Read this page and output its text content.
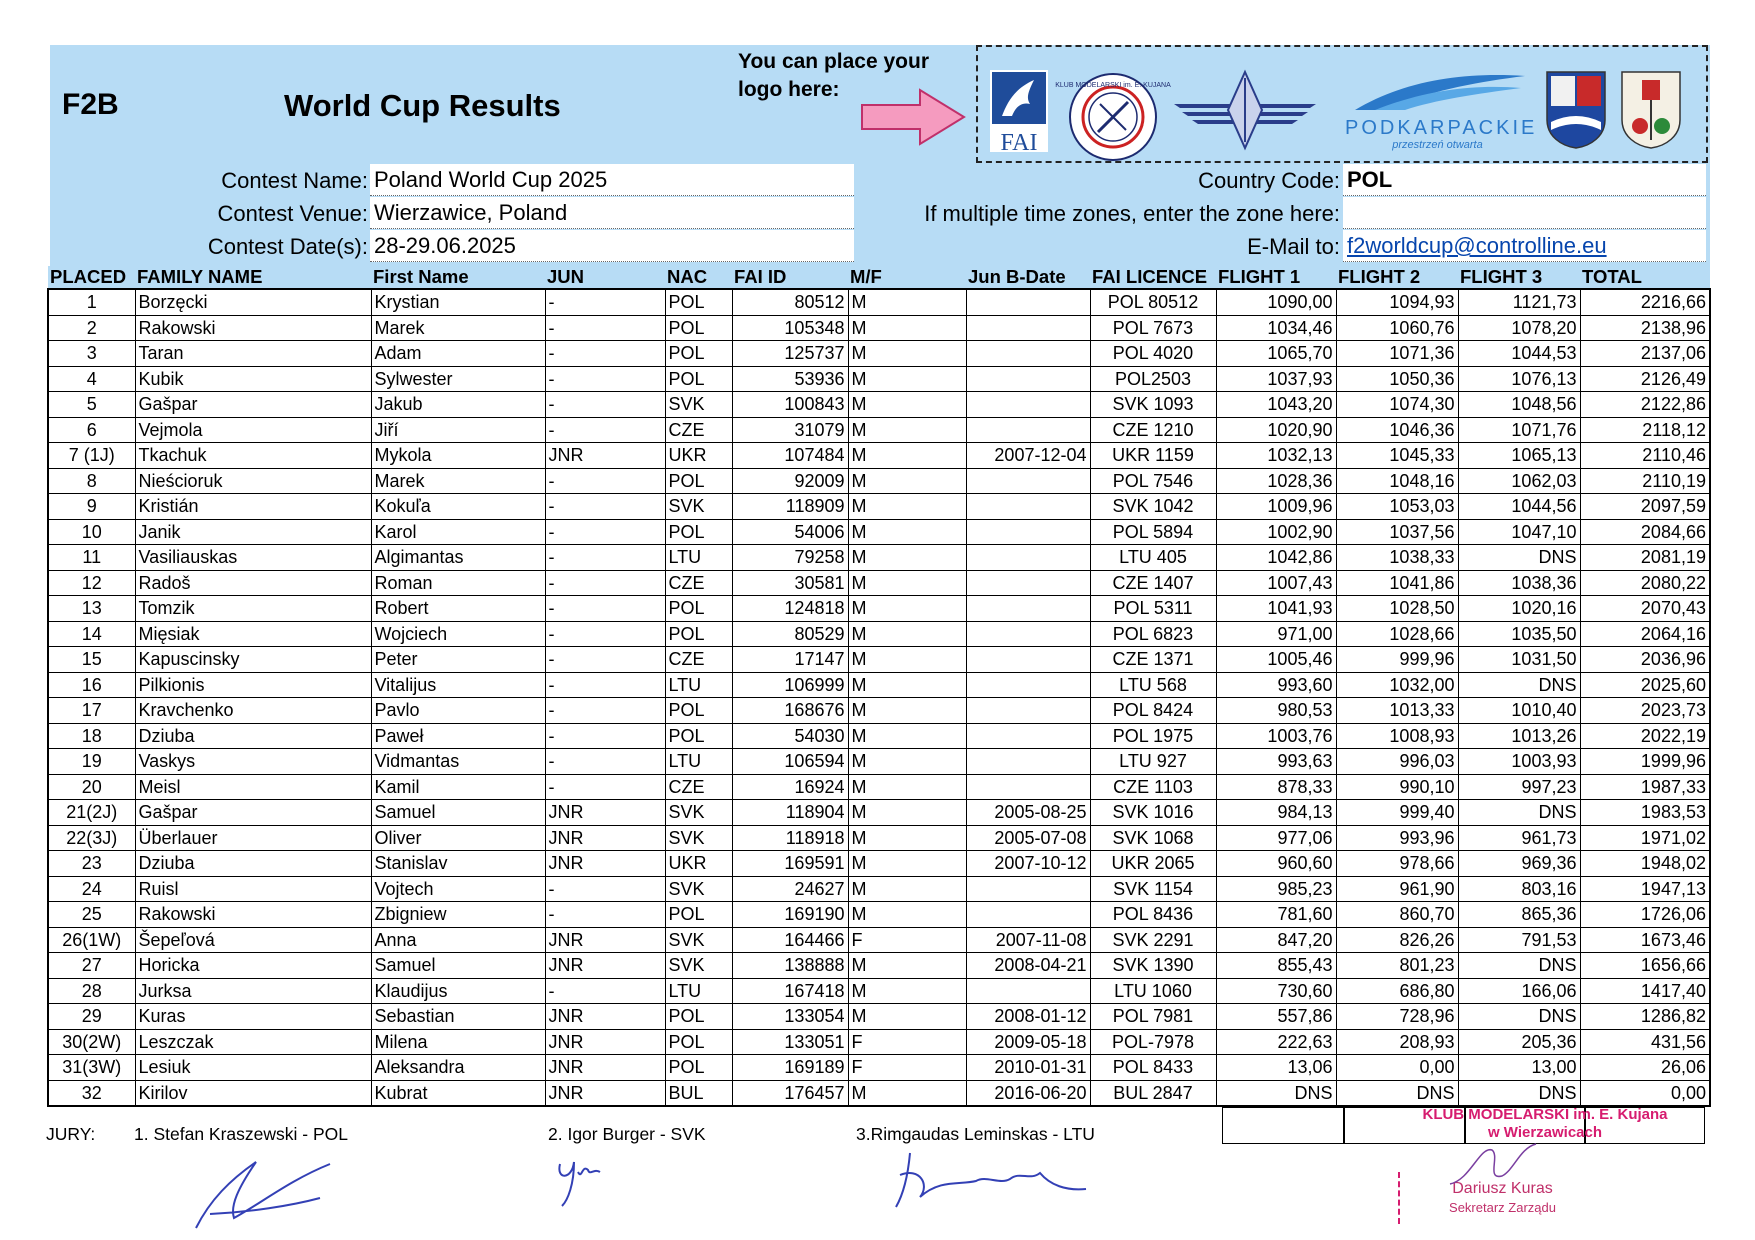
F2B	World Cup Results
You can place your logo here:
FAI
KLUB MODELARSKI im. E. KUJANA
PODKARPACKIE
przestrzeń otwarta
Contest Name: Poland World Cup 2025
Contest Venue: Wierzawice, Poland
Contest Date(s): 28-29.06.2025
Country Code: POL
If multiple time zones, enter the zone here:
E-Mail to: f2worldcup@controlline.eu
PLACED	FAMILY NAME	First Name	JUN	NAC	FAI ID	M/F	Jun B-Date	FAI LICENCE	FLIGHT 1	FLIGHT 2	FLIGHT 3	TOTAL
1	Borzęcki	Krystian	-	POL	80512	M		POL 80512	1090,00	1094,93	1121,73	2216,66
2	Rakowski	Marek	-	POL	105348	M		POL 7673	1034,46	1060,76	1078,20	2138,96
3	Taran	Adam	-	POL	125737	M		POL 4020	1065,70	1071,36	1044,53	2137,06
4	Kubik	Sylwester	-	POL	53936	M		POL2503	1037,93	1050,36	1076,13	2126,49
5	Gašpar	Jakub	-	SVK	100843	M		SVK 1093	1043,20	1074,30	1048,56	2122,86
6	Vejmola	Jiří	-	CZE	31079	M		CZE 1210	1020,90	1046,36	1071,76	2118,12
7 (1J)	Tkachuk	Mykola	JNR	UKR	107484	M	2007-12-04	UKR 1159	1032,13	1045,33	1065,13	2110,46
8	Nieścioruk	Marek	-	POL	92009	M		POL 7546	1028,36	1048,16	1062,03	2110,19
9	Kristián	Kokuľa	-	SVK	118909	M		SVK 1042	1009,96	1053,03	1044,56	2097,59
10	Janik	Karol	-	POL	54006	M		POL 5894	1002,90	1037,56	1047,10	2084,66
11	Vasiliauskas	Algimantas	-	LTU	79258	M		LTU 405	1042,86	1038,33	DNS	2081,19
12	Radoš	Roman	-	CZE	30581	M		CZE 1407	1007,43	1041,86	1038,36	2080,22
13	Tomzik	Robert	-	POL	124818	M		POL 5311	1041,93	1028,50	1020,16	2070,43
14	Mięsiak	Wojciech	-	POL	80529	M		POL 6823	971,00	1028,66	1035,50	2064,16
15	Kapuscinsky	Peter	-	CZE	17147	M		CZE 1371	1005,46	999,96	1031,50	2036,96
16	Pilkionis	Vitalijus	-	LTU	106999	M		LTU 568	993,60	1032,00	DNS	2025,60
17	Kravchenko	Pavlo	-	POL	168676	M		POL 8424	980,53	1013,33	1010,40	2023,73
18	Dziuba	Paweł	-	POL	54030	M		POL 1975	1003,76	1008,93	1013,26	2022,19
19	Vaskys	Vidmantas	-	LTU	106594	M		LTU 927	993,63	996,03	1003,93	1999,96
20	Meisl	Kamil	-	CZE	16924	M		CZE 1103	878,33	990,10	997,23	1987,33
21(2J)	Gašpar	Samuel	JNR	SVK	118904	M	2005-08-25	SVK 1016	984,13	999,40	DNS	1983,53
22(3J)	Überlauer	Oliver	JNR	SVK	118918	M	2005-07-08	SVK 1068	977,06	993,96	961,73	1971,02
23	Dziuba	Stanislav	JNR	UKR	169591	M	2007-10-12	UKR 2065	960,60	978,66	969,36	1948,02
24	Ruisl	Vojtech	-	SVK	24627	M		SVK 1154	985,23	961,90	803,16	1947,13
25	Rakowski	Zbigniew	-	POL	169190	M		POL 8436	781,60	860,70	865,36	1726,06
26(1W)	Šepeľová	Anna	JNR	SVK	164466	F	2007-11-08	SVK 2291	847,20	826,26	791,53	1673,46
27	Horicka	Samuel	JNR	SVK	138888	M	2008-04-21	SVK 1390	855,43	801,23	DNS	1656,66
28	Jurksa	Klaudijus	-	LTU	167418	M		LTU 1060	730,60	686,80	166,06	1417,40
29	Kuras	Sebastian	JNR	POL	133054	M	2008-01-12	POL 7981	557,86	728,96	DNS	1286,82
30(2W)	Leszczak	Milena	JNR	POL	133051	F	2009-05-18	POL-7978	222,63	208,93	205,36	431,56
31(3W)	Lesiuk	Aleksandra	JNR	POL	169189	F	2010-01-31	POL 8433	13,06	0,00	13,00	26,06
32	Kirilov	Kubrat	JNR	BUL	176457	M	2016-06-20	BUL 2847	DNS	DNS	DNS	0,00
JURY: 1. Stefan Kraszewski - POL	2. Igor Burger - SVK	3.Rimgaudas Leminskas - LTU
KLUB MODELARSKI im. E. Kujana
w Wierzawicach
Dariusz Kuras
Sekretarz Zarządu
